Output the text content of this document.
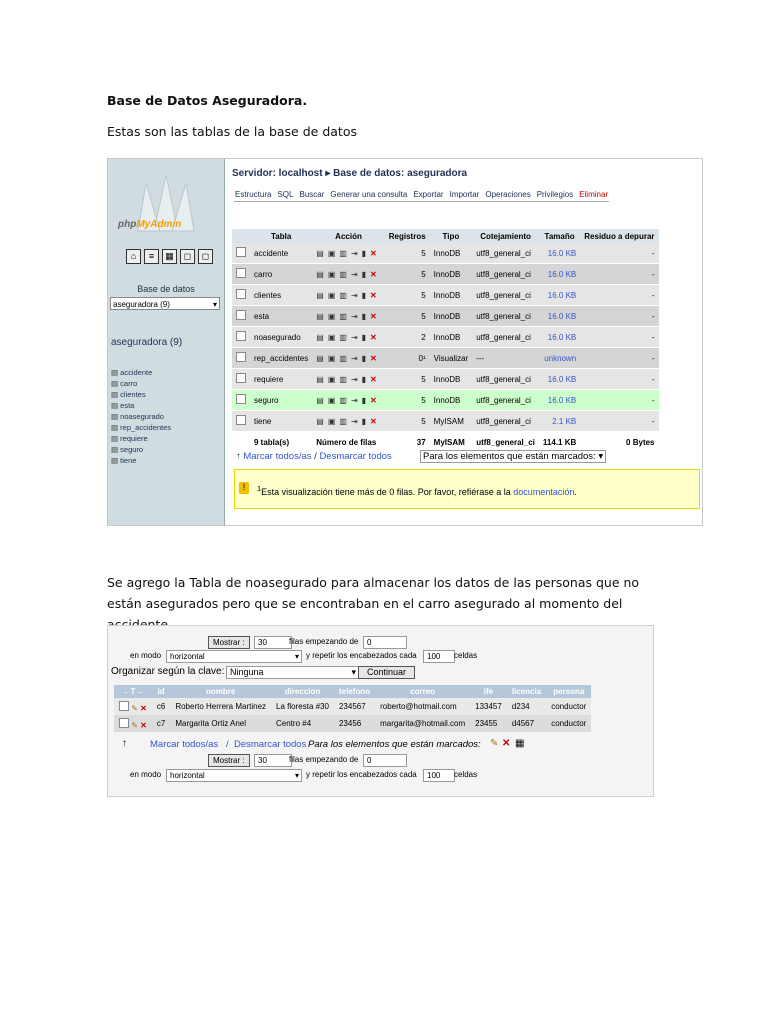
Base de Datos Aseguradora.
Estas son las tablas de la base de datos
phpMyAdmin
⌂	≡	▦	◻	◻
Base de datos
aseguradora (9) ▾
aseguradora (9)
▤ accidente
▤ carro
▤ clientes
▤ esta
▤ noasegurado
▤ rep_accidentes
▤ requiere
▤ seguro
▤ tiene
Servidor: localhost ▸ Base de datos: aseguradora
Estructura SQL Buscar Generar una consulta Exportar Importar Operaciones Privilegios Eliminar
	Tabla	Acción	Registros	Tipo	Cotejamiento	Tamaño	Residuo a depurar
	accidente	▤▣▥⇥▮✕	5	InnoDB	utf8_general_ci	16.0 KB	-
	carro	▤▣▥⇥▮✕	5	InnoDB	utf8_general_ci	16.0 KB	-
	clientes	▤▣▥⇥▮✕	5	InnoDB	utf8_general_ci	16.0 KB	-
	esta	▤▣▥⇥▮✕	5	InnoDB	utf8_general_ci	16.0 KB	-
	noasegurado	▤▣▥⇥▮✕	2	InnoDB	utf8_general_ci	16.0 KB	-
	rep_accidentes	▤▣▥⇥▮✕	0¹	Visualizar	---	unknown	-
	requiere	▤▣▥⇥▮✕	5	InnoDB	utf8_general_ci	16.0 KB	-
	seguro	▤▣▥⇥▮✕	5	InnoDB	utf8_general_ci	16.0 KB	-
	tiene	▤▣▥⇥▮✕	5	MyISAM	utf8_general_ci	2.1 KB	-
	9 tabla(s)	Número de filas	37	MyISAM	utf8_general_ci	114.1 KB	0 Bytes
↑ Marcar todos/as / Desmarcar todos	Para los elementos que están marcados: ▾
!	$^1$Esta visualización tiene más de 0 filas. Por favor, refiérase a la documentación.
Se agrego la Tabla de noasegurado para almacenar los datos de las personas que no están asegurados pero que se encontraban en el carro asegurado al momento del
Mostrar :	30	filas empezando de	0
en modo	horizontal	▾ y repetir los encabezados cada	100	celdas
Organizar según la clave: Ninguna	▾	Continuar
←T→	id	nombre	direccion	telefono	correo	ife	licencia	persona
✎ ✕	c6	Roberto Herrera Martinez	La floresta #30	234567	roberto@hotmail.com	133457	d234	conductor
✎ ✕	c7	Margarita Ortiz Anel	Centro #4	23456	margarita@hotmail.com	23455	d4567	conductor
↑ Marcar todos/as / Desmarcar todos Para los elementos que están marcados: ✎ ✕ ▦
Mostrar :	30	filas empezando de	0
en modo	horizontal	▾ y repetir los encabezados cada	100	celdas
